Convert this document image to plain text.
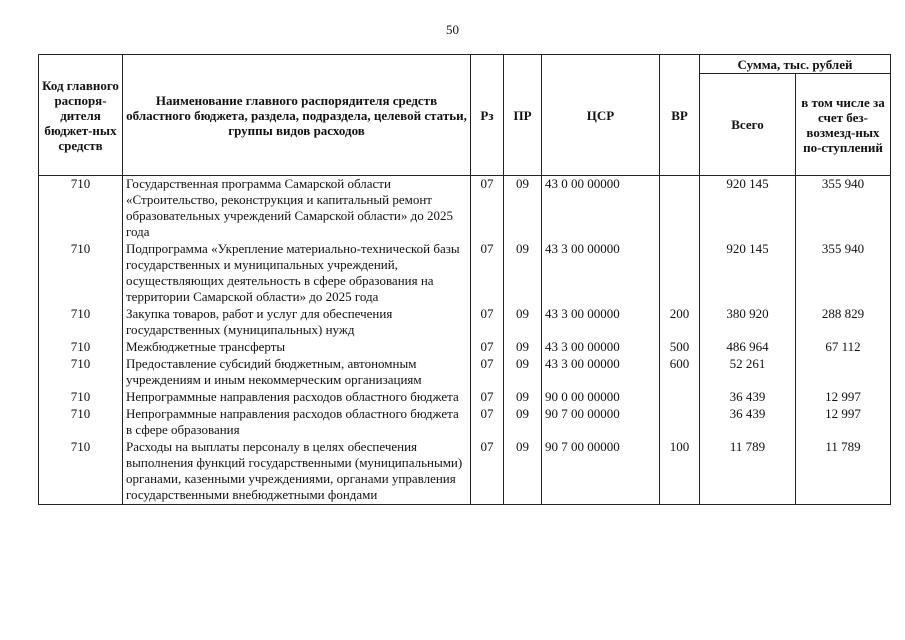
50
Код главного распоря-дителя бюджет-ных средств	Наименование главного распорядителя средств областного бюджета, раздела, подраздела, целевой статьи, группы видов расходов	Рз	ПР	ЦСР	ВР	Сумма, тыс. рублей	
						Всего	в том числе за счет без-возмезд-ных по-ступлений
710	Государственная программа Самарской области «Строительство, реконструкция и капитальный ремонт образовательных учреждений Самарской области» до 2025 года	07	09	43 0 00 00000		920 145	355 940
710	Подпрограмма «Укрепление материально-технической базы государственных и муниципальных учреждений, осуществляющих деятельность в сфере образования на территории Самарской области» до 2025 года	07	09	43 3 00 00000		920 145	355 940
710	Закупка товаров, работ и услуг для обеспечения государственных (муниципальных) нужд	07	09	43 3 00 00000	200	380 920	288 829
710	Межбюджетные трансферты	07	09	43 3 00 00000	500	486 964	67 112
710	Предоставление субсидий бюджетным, автономным учреждениям и иным некоммерческим организациям	07	09	43 3 00 00000	600	52 261	
710	Непрограммные направления расходов областного бюджета	07	09	90 0 00 00000		36 439	12 997
710	Непрограммные направления расходов областного бюджета в сфере образования	07	09	90 7 00 00000		36 439	12 997
710	Расходы на выплаты персоналу в целях обеспечения выполнения функций государственными (муниципальными) органами, казенными учреждениями, органами управления государственными внебюджетными фондами	07	09	90 7 00 00000	100	11 789	11 789
